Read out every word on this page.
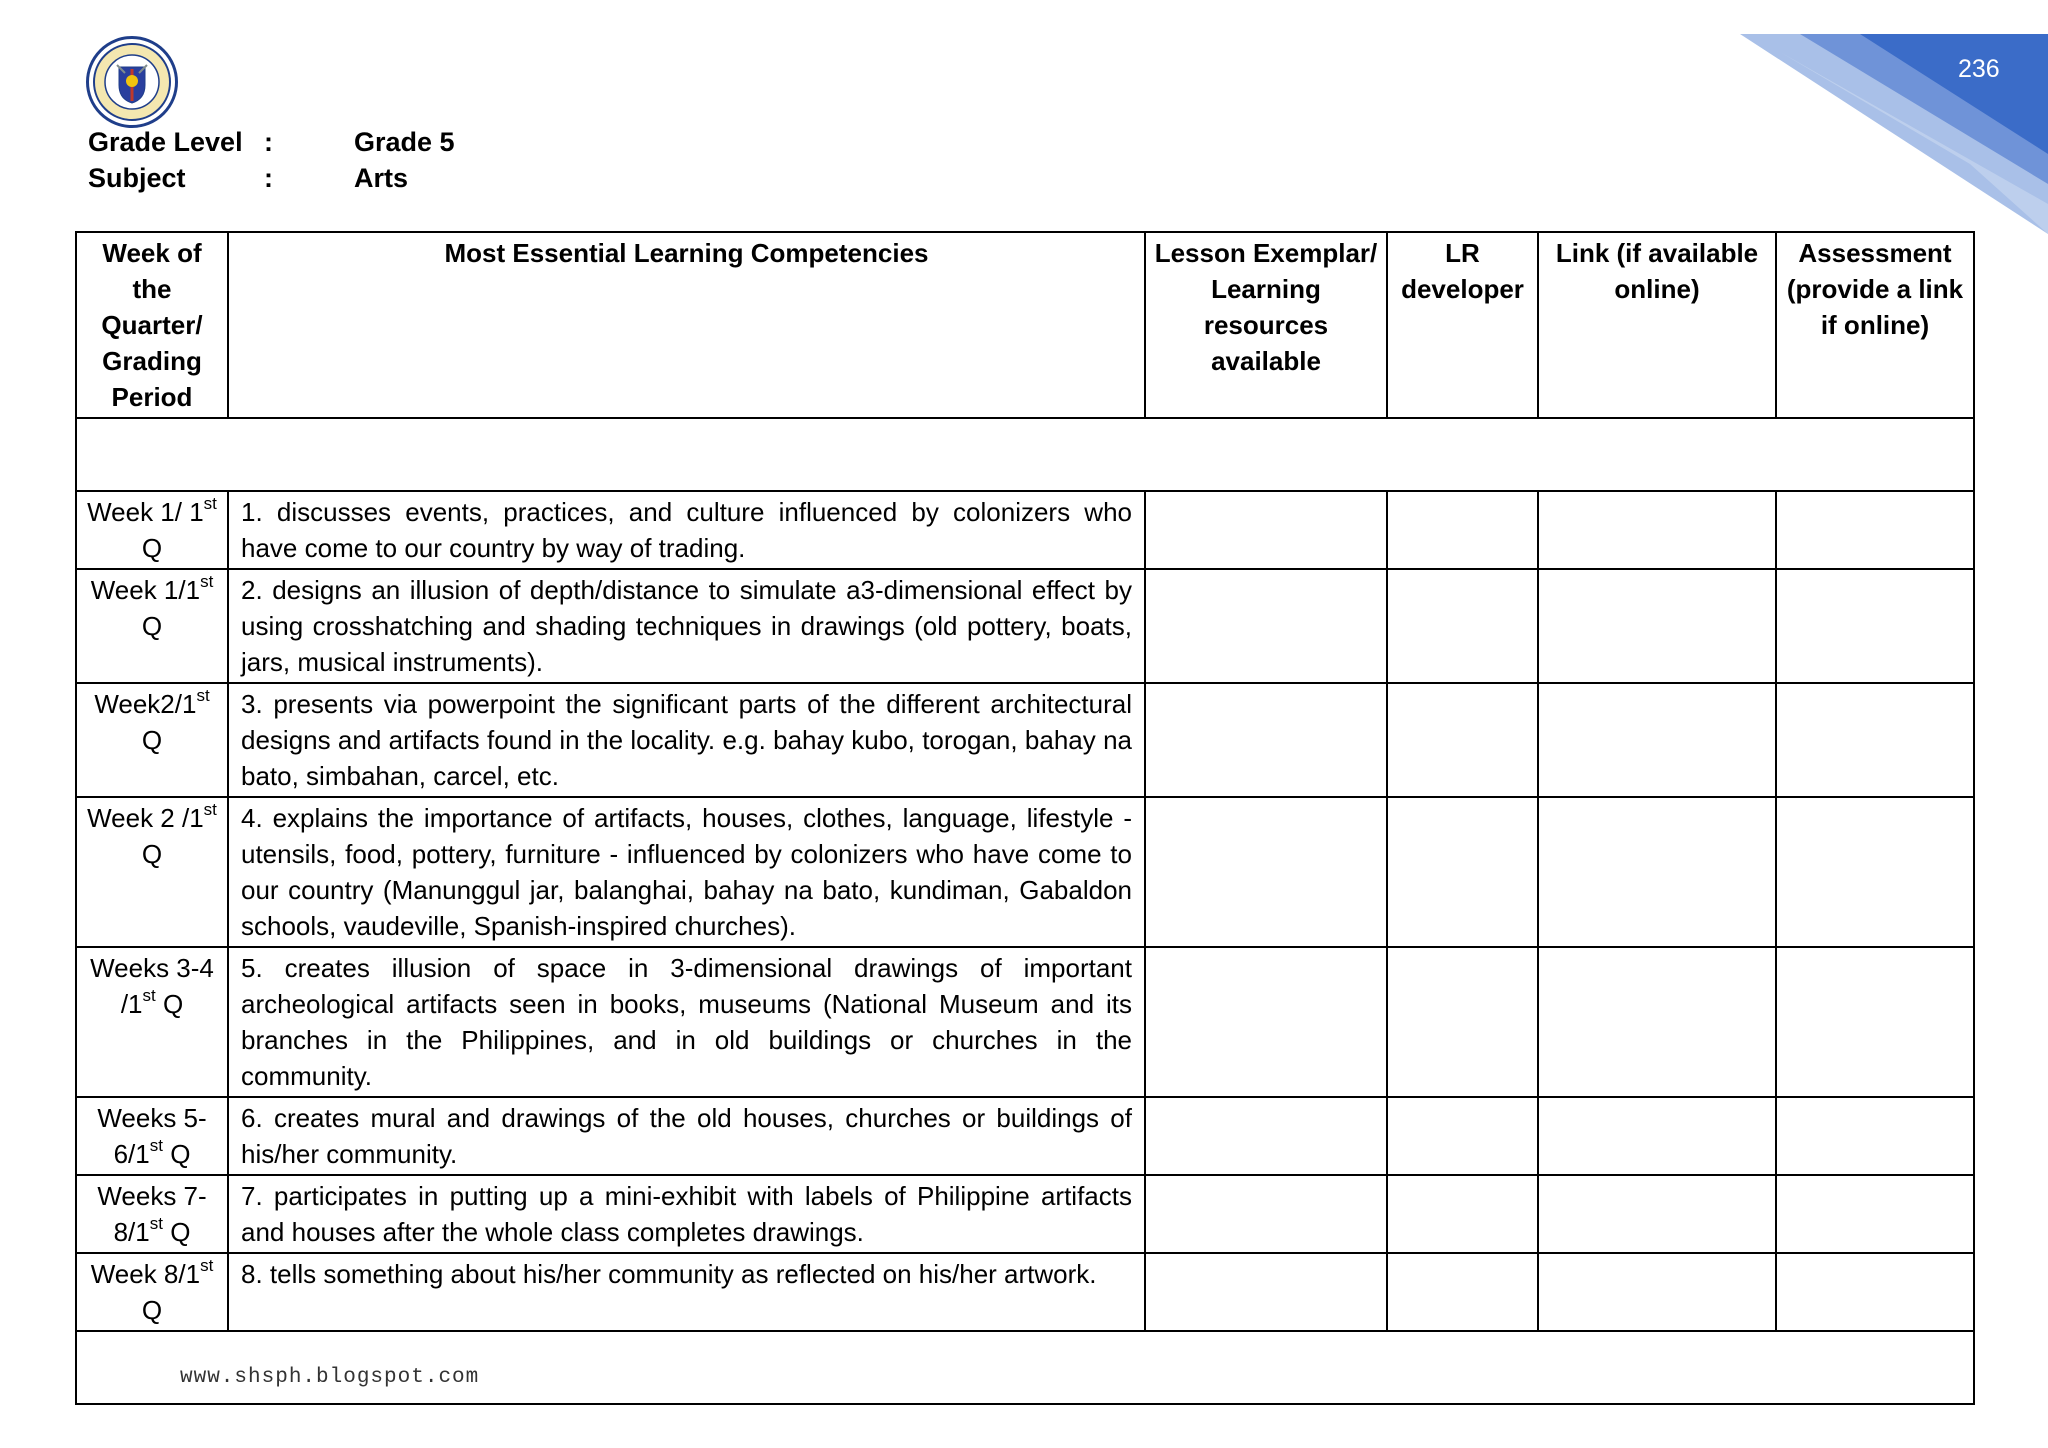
236
Grade Level :	Grade 5
Subject	:	Arts
Week of the Quarter/ Grading Period	Most Essential Learning Competencies	Lesson Exemplar/ Learning resources available	LR developer	Link (if available online)	Assessment (provide a link if online)

Week 1/ 1st Q	1. discusses events, practices, and culture influenced by colonizers who have come to our country by way of trading.				
Week 1/1st Q	2. designs an illusion of depth/distance to simulate a3-dimensional effect by using crosshatching and shading techniques in drawings (old pottery, boats, jars, musical instruments).				
Week2/1st Q	3. presents via powerpoint the significant parts of the different architectural designs and artifacts found in the locality. e.g. bahay kubo, torogan, bahay na bato, simbahan, carcel, etc.				
Week 2 /1st Q	4. explains the importance of artifacts, houses, clothes, language, lifestyle - utensils, food, pottery, furniture - influenced by colonizers who have come to our country (Manunggul jar, balanghai, bahay na bato, kundiman, Gabaldon schools, vaudeville, Spanish-inspired churches).				
Weeks 3-4 /1st Q	5. creates illusion of space in 3-dimensional drawings of important archeological artifacts seen in books, museums (National Museum and its branches in the Philippines, and in old buildings or churches in the community.				
Weeks 5-6/1st Q	6. creates mural and drawings of the old houses, churches or buildings of his/her community.				
Weeks 7-8/1st Q	7. participates in putting up a mini-exhibit with labels of Philippine artifacts and houses after the whole class completes drawings.				
Week 8/1st Q	8. tells something about his/her community as reflected on his/her artwork.				

www.shsph.blogspot.com
